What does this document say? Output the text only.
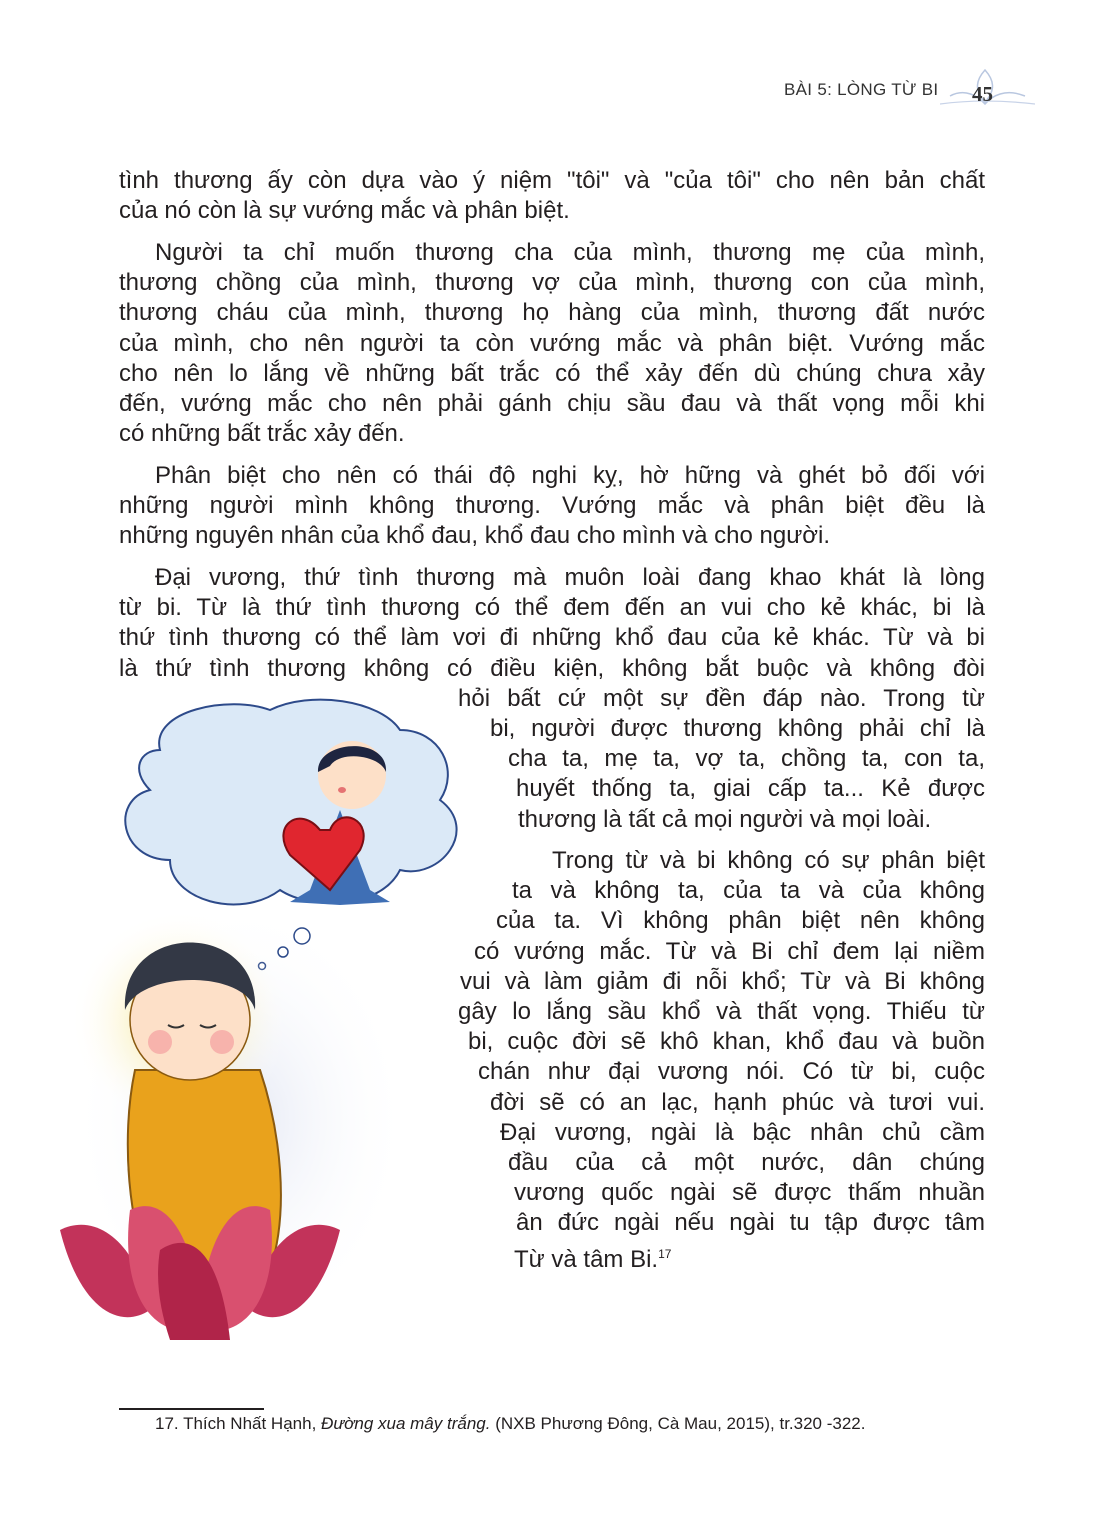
BÀI 5: LÒNG TỪ BI 45
tình thương ấy còn dựa vào ý niệm "tôi" và "của tôi" cho nên bản chất
của nó còn là sự vướng mắc và phân biệt.
Người ta chỉ muốn thương cha của mình, thương mẹ của mình,
thương chồng của mình, thương vợ của mình, thương con của mình,
thương cháu của mình, thương họ hàng của mình, thương đất nước
của mình, cho nên người ta còn vướng mắc và phân biệt. Vướng mắc
cho nên lo lắng về những bất trắc có thể xảy đến dù chúng chưa xảy
đến, vướng mắc cho nên phải gánh chịu sầu đau và thất vọng mỗi khi
có những bất trắc xảy đến.
Phân biệt cho nên có thái độ nghi kỵ, hờ hững và ghét bỏ đối với
những người mình không thương. Vướng mắc và phân biệt đều là
những nguyên nhân của khổ đau, khổ đau cho mình và cho người.
Đại vương, thứ tình thương mà muôn loài đang khao khát là lòng
từ bi. Từ là thứ tình thương có thể đem đến an vui cho kẻ khác, bi là
thứ tình thương có thể làm vơi đi những khổ đau của kẻ khác. Từ và bi
là thứ tình thương không có điều kiện, không bắt buộc và không đòi
hỏi bất cứ một sự đền đáp nào. Trong từ
bi, người được thương không phải chỉ là
cha ta, mẹ ta, vợ ta, chồng ta, con ta,
huyết thống ta, giai cấp ta... Kẻ được
thương là tất cả mọi người và mọi loài.
Trong từ và bi không có sự phân biệt
ta và không ta, của ta và của không
của ta. Vì không phân biệt nên không
có vướng mắc. Từ và Bi chỉ đem lại niềm
vui và làm giảm đi nỗi khổ; Từ và Bi không
gây lo lắng sầu khổ và thất vọng. Thiếu từ
bi, cuộc đời sẽ khô khan, khổ đau và buồn
chán như đại vương nói. Có từ bi, cuộc
đời sẽ có an lạc, hạnh phúc và tươi vui.
Đại vương, ngài là bậc nhân chủ cầm
đầu của cả một nước, dân chúng
vương quốc ngài sẽ được thấm nhuần
ân đức ngài nếu ngài tu tập được tâm
Từ và tâm Bi.$^{17}$
17. Thích Nhất Hạnh, Đường xua mây trắng. (NXB Phương Đông, Cà Mau, 2015), tr.320 -322.
